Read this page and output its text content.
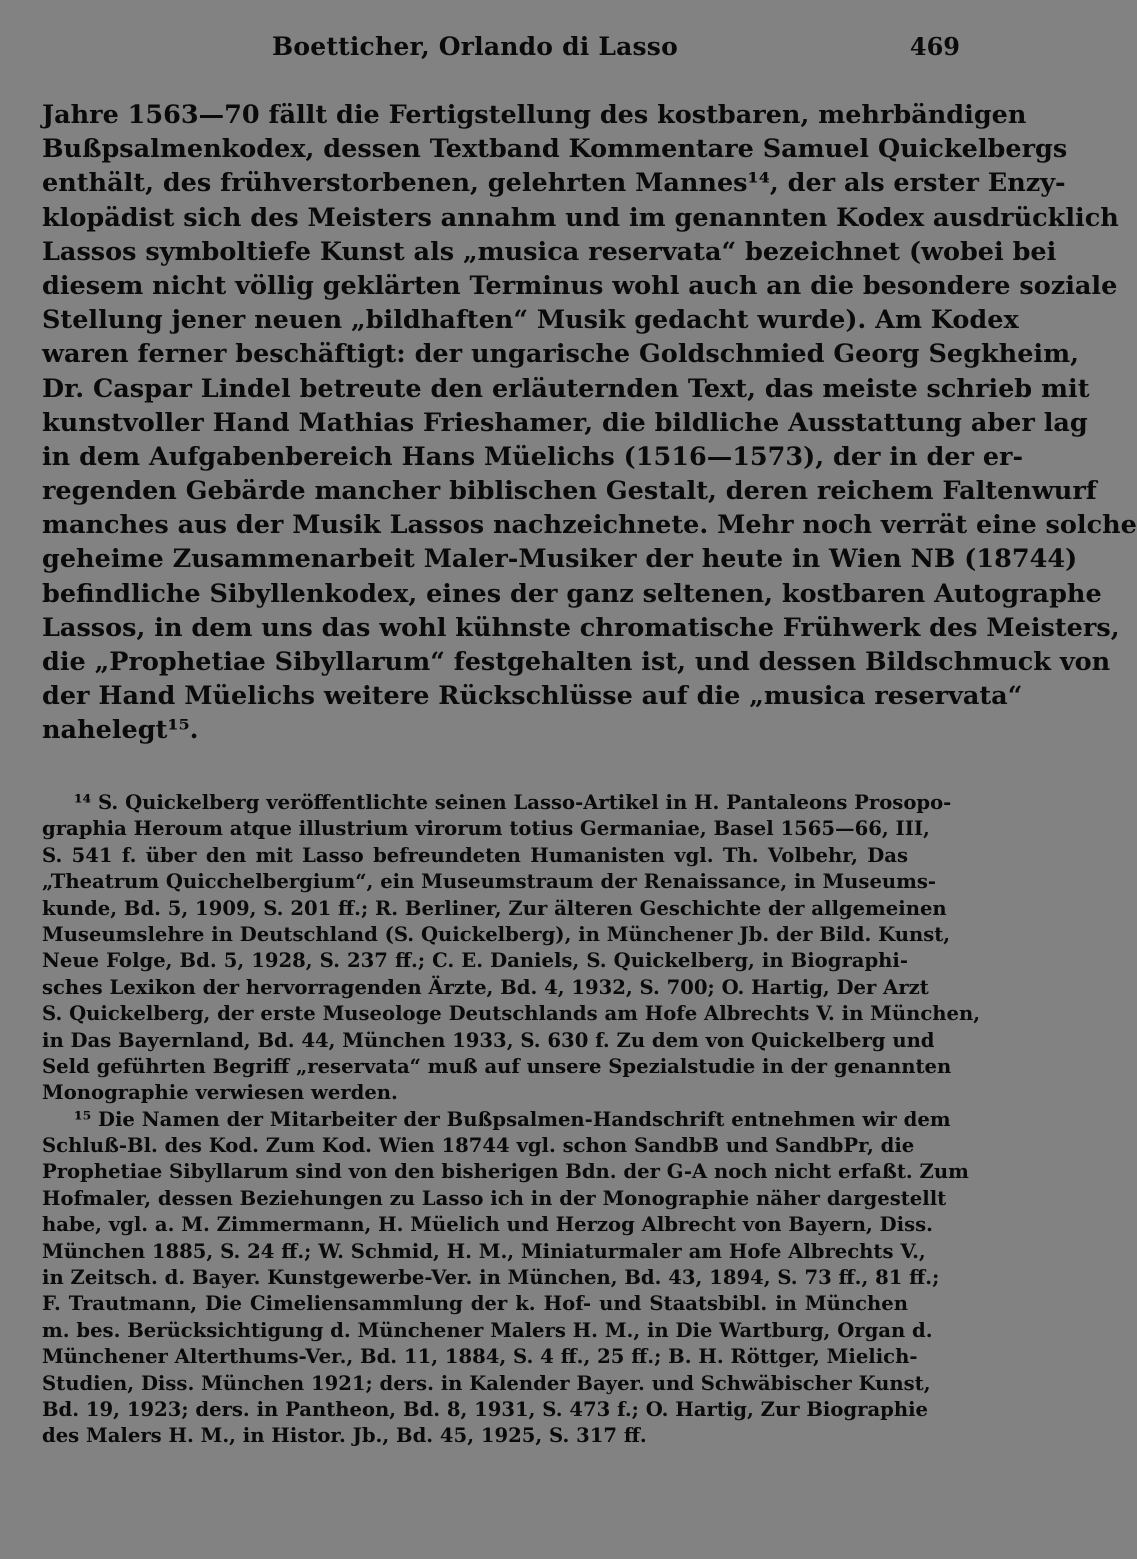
Boetticher, Orlando di Lasso	469
Jahre 1563—70 fällt die Fertigstellung des kostbaren, mehrbändigen
Bußpsalmenkodex, dessen Textband Kommentare Samuel Quickelbergs
enthält, des frühverstorbenen, gelehrten Mannes¹⁴, der als erster Enzy-
klopädist sich des Meisters annahm und im genannten Kodex ausdrücklich
Lassos symboltiefe Kunst als „musica reservata“ bezeichnet (wobei bei
diesem nicht völlig geklärten Terminus wohl auch an die besondere soziale
Stellung jener neuen „bildhaften“ Musik gedacht wurde). Am Kodex
waren ferner beschäftigt: der ungarische Goldschmied Georg Segkheim,
Dr. Caspar Lindel betreute den erläuternden Text, das meiste schrieb mit
kunstvoller Hand Mathias Frieshamer, die bildliche Ausstattung aber lag
in dem Aufgabenbereich Hans Müelichs (1516—1573), der in der er-
regenden Gebärde mancher biblischen Gestalt, deren reichem Faltenwurf
manches aus der Musik Lassos nachzeichnete. Mehr noch verrät eine solche
geheime Zusammenarbeit Maler-Musiker der heute in Wien NB (18744)
befindliche Sibyllenkodex, eines der ganz seltenen, kostbaren Autographe
Lassos, in dem uns das wohl kühnste chromatische Frühwerk des Meisters,
die „Prophetiae Sibyllarum“ festgehalten ist, und dessen Bildschmuck von
der Hand Müelichs weitere Rückschlüsse auf die „musica reservata“
nahelegt¹⁵.
¹⁴ S. Quickelberg veröffentlichte seinen Lasso-Artikel in H. Pantaleons Prosopo-
graphia Heroum atque illustrium virorum totius Germaniae, Basel 1565—66, III,
S. 541 f. über den mit Lasso befreundeten Humanisten vgl. Th. Volbehr, Das
„Theatrum Quicchelbergium“, ein Museumstraum der Renaissance, in Museums-
kunde, Bd. 5, 1909, S. 201 ff.; R. Berliner, Zur älteren Geschichte der allgemeinen
Museumslehre in Deutschland (S. Quickelberg), in Münchener Jb. der Bild. Kunst,
Neue Folge, Bd. 5, 1928, S. 237 ff.; C. E. Daniels, S. Quickelberg, in Biographi-
sches Lexikon der hervorragenden Ärzte, Bd. 4, 1932, S. 700; O. Hartig, Der Arzt
S. Quickelberg, der erste Museologe Deutschlands am Hofe Albrechts V. in München,
in Das Bayernland, Bd. 44, München 1933, S. 630 f. Zu dem von Quickelberg und
Seld geführten Begriff „reservata“ muß auf unsere Spezialstudie in der genannten
Monographie verwiesen werden.
¹⁵ Die Namen der Mitarbeiter der Bußpsalmen-Handschrift entnehmen wir dem
Schluß-Bl. des Kod. Zum Kod. Wien 18744 vgl. schon SandbB und SandbPr, die
Prophetiae Sibyllarum sind von den bisherigen Bdn. der G-A noch nicht erfaßt. Zum
Hofmaler, dessen Beziehungen zu Lasso ich in der Monographie näher dargestellt
habe, vgl. a. M. Zimmermann, H. Müelich und Herzog Albrecht von Bayern, Diss.
München 1885, S. 24 ff.; W. Schmid, H. M., Miniaturmaler am Hofe Albrechts V.,
in Zeitsch. d. Bayer. Kunstgewerbe-Ver. in München, Bd. 43, 1894, S. 73 ff., 81 ff.;
F. Trautmann, Die Cimeliensammlung der k. Hof- und Staatsbibl. in München
m. bes. Berücksichtigung d. Münchener Malers H. M., in Die Wartburg, Organ d.
Münchener Alterthums-Ver., Bd. 11, 1884, S. 4 ff., 25 ff.; B. H. Röttger, Mielich-
Studien, Diss. München 1921; ders. in Kalender Bayer. und Schwäbischer Kunst,
Bd. 19, 1923; ders. in Pantheon, Bd. 8, 1931, S. 473 f.; O. Hartig, Zur Biographie
des Malers H. M., in Histor. Jb., Bd. 45, 1925, S. 317 ff.
